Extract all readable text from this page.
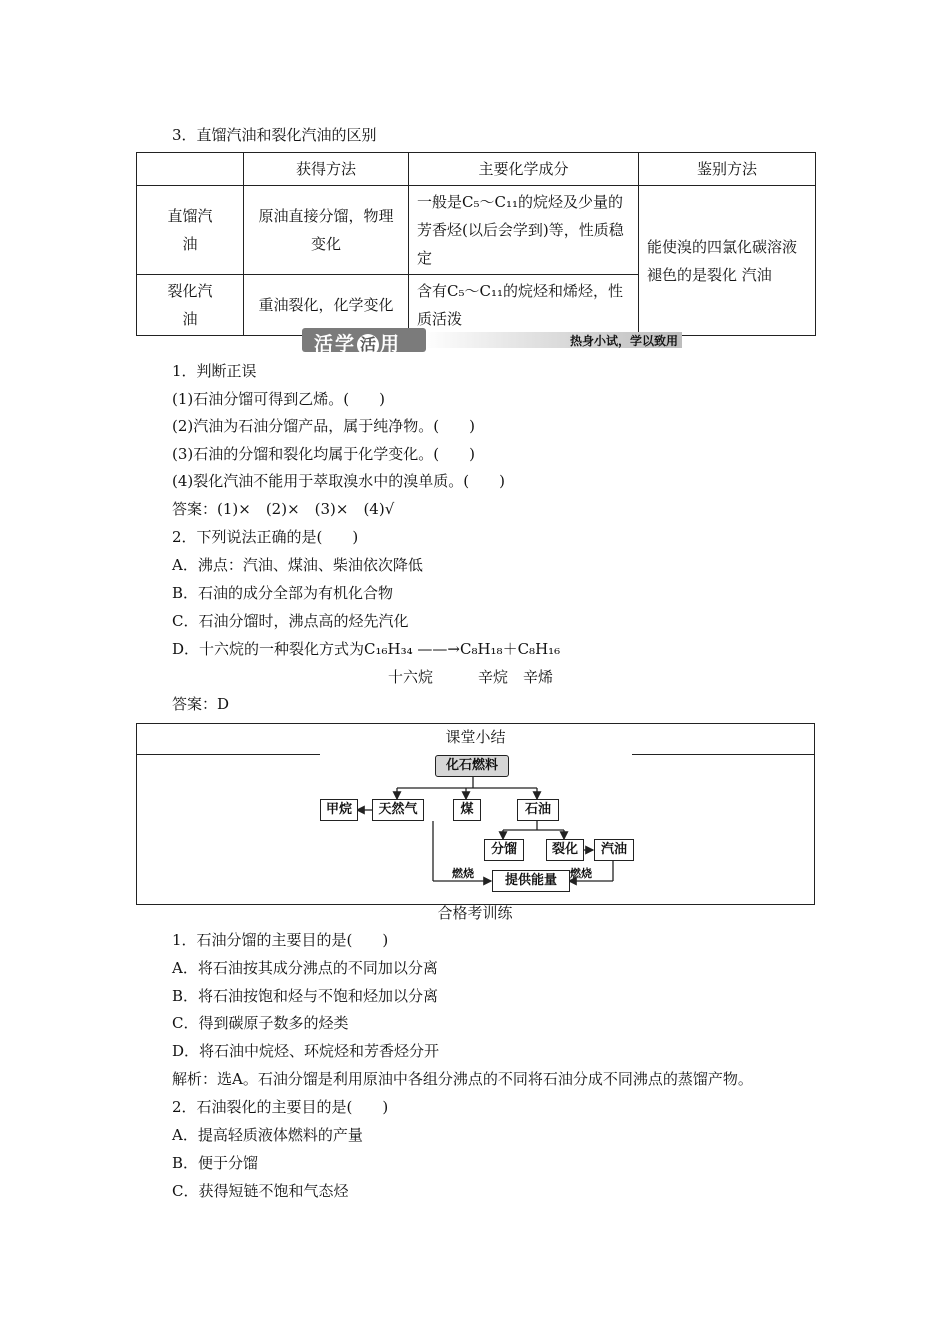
3．直馏汽油和裂化汽油的区别
	获得方法	主要化学成分	鉴别方法
直馏汽油	原油直接分馏，物理变化	一般是C₅～C₁₁的烷烃及少量的芳香烃(以后会学到)等，性质稳定	能使溴的四氯化碳溶液褪色的是裂化 汽油
裂化汽油	重油裂化，化学变化	含有C₅～C₁₁的烷烃和烯烃，性质活泼	
活学 活 用	热身小试，学以致用
1．判断正误
(1)石油分馏可得到乙烯。(　　)
(2)汽油为石油分馏产品，属于纯净物。(　　)
(3)石油的分馏和裂化均属于化学变化。(　　)
(4)裂化汽油不能用于萃取溴水中的溴单质。(　　)
答案：(1)×　(2)×　(3)×　(4)√
2．下列说法正确的是(　　)
A．沸点：汽油、煤油、柴油依次降低
B．石油的成分全部为有机化合物
C．石油分馏时，沸点高的烃先汽化
D．十六烷的一种裂化方式为C₁₆H₃₄ ——→C₈H₁₈＋C₈H₁₆
十六烷　　　辛烷　辛烯
答案：D
课堂小结
化石燃料
甲烷	天然气	煤	石油
分馏	裂化	汽油
提供能量
燃烧	燃烧
合格考训练
1．石油分馏的主要目的是(　　)
A．将石油按其成分沸点的不同加以分离
B．将石油按饱和烃与不饱和烃加以分离
C．得到碳原子数多的烃类
D．将石油中烷烃、环烷烃和芳香烃分开
解析：选A。石油分馏是利用原油中各组分沸点的不同将石油分成不同沸点的蒸馏产物。
2．石油裂化的主要目的是(　　)
A．提高轻质液体燃料的产量
B．便于分馏
C．获得短链不饱和气态烃
